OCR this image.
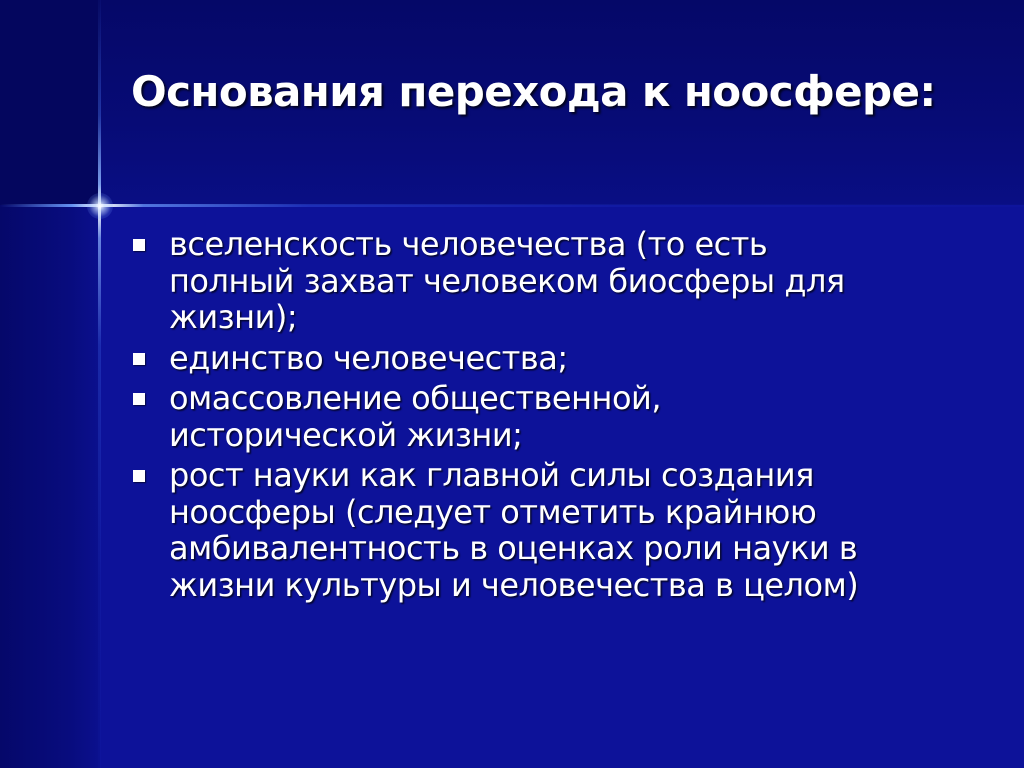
Основания перехода к ноосфере:
вселенскость человечества (то есть
полный захват человеком биосферы для
жизни);
единство человечества;
омассовление общественной,
исторической жизни;
рост науки как главной силы создания
ноосферы (следует отметить крайнюю
амбивалентность в оценках роли науки в
жизни культуры и человечества в целом)
